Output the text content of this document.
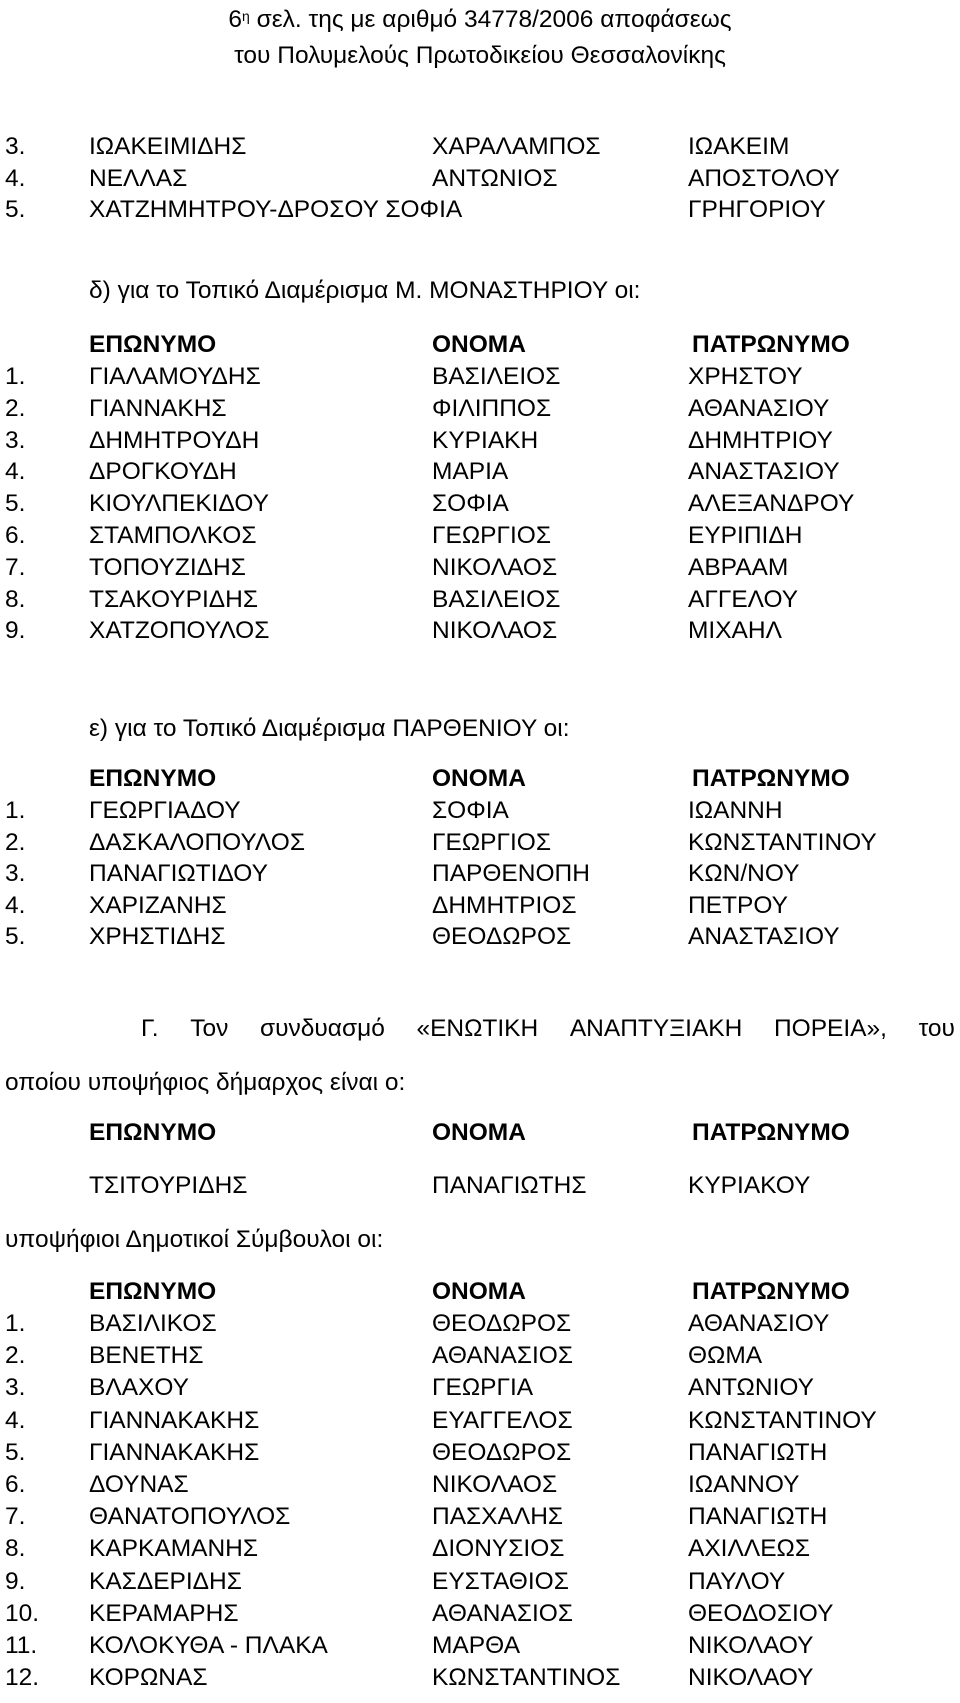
$6^\eta$ σελ. της με αριθμό 34778/2006 αποφάσεως
του Πολυμελούς Πρωτοδικείου Θεσσαλονίκης
3.	ΙΩΑΚΕΙΜΙΔΗΣ	ΧΑΡΑΛΑΜΠΟΣ	ΙΩΑΚΕΙΜ
4.	ΝΕΛΛΑΣ	ΑΝΤΩΝΙΟΣ	ΑΠΟΣΤΟΛΟΥ
5.	ΧΑΤΖΗΜΗΤΡΟΥ-ΔΡΟΣΟΥ ΣΟΦΙΑ	ΓΡΗΓΟΡΙΟΥ
δ) για το Τοπικό Διαμέρισμα Μ. ΜΟΝΑΣΤΗΡΙΟΥ οι:
ΕΠΩΝΥΜΟ	ΟΝΟΜΑ	ΠΑΤΡΩΝΥΜΟ
1.	ΓΙΑΛΑΜΟΥΔΗΣ	ΒΑΣΙΛΕΙΟΣ	ΧΡΗΣΤΟΥ
2.	ΓΙΑΝΝΑΚΗΣ	ΦΙΛΙΠΠΟΣ	ΑΘΑΝΑΣΙΟΥ
3.	ΔΗΜΗΤΡΟΥΔΗ	ΚΥΡΙΑΚΗ	ΔΗΜΗΤΡΙΟΥ
4.	ΔΡΟΓΚΟΥΔΗ	ΜΑΡΙΑ	ΑΝΑΣΤΑΣΙΟΥ
5.	ΚΙΟΥΛΠΕΚΙΔΟΥ	ΣΟΦΙΑ	ΑΛΕΞΑΝΔΡΟΥ
6.	ΣΤΑΜΠΟΛΚΟΣ	ΓΕΩΡΓΙΟΣ	ΕΥΡΙΠΙΔΗ
7.	ΤΟΠΟΥΖΙΔΗΣ	ΝΙΚΟΛΑΟΣ	ΑΒΡΑΑΜ
8.	ΤΣΑΚΟΥΡΙΔΗΣ	ΒΑΣΙΛΕΙΟΣ	ΑΓΓΕΛΟΥ
9.	ΧΑΤΖΟΠΟΥΛΟΣ	ΝΙΚΟΛΑΟΣ	ΜΙΧΑΗΛ
ε) για το Τοπικό Διαμέρισμα ΠΑΡΘΕΝΙΟΥ οι:
ΕΠΩΝΥΜΟ	ΟΝΟΜΑ	ΠΑΤΡΩΝΥΜΟ
1.	ΓΕΩΡΓΙΑΔΟΥ	ΣΟΦΙΑ	ΙΩΑΝΝΗ
2.	ΔΑΣΚΑΛΟΠΟΥΛΟΣ	ΓΕΩΡΓΙΟΣ	ΚΩΝΣΤΑΝΤΙΝΟΥ
3.	ΠΑΝΑΓΙΩΤΙΔΟΥ	ΠΑΡΘΕΝΟΠΗ	ΚΩΝ/ΝΟΥ
4.	ΧΑΡΙΖΑΝΗΣ	ΔΗΜΗΤΡΙΟΣ	ΠΕΤΡΟΥ
5.	ΧΡΗΣΤΙΔΗΣ	ΘΕΟΔΩΡΟΣ	ΑΝΑΣΤΑΣΙΟΥ
Γ. Τον συνδυασμό «ΕΝΩΤΙΚΗ ΑΝΑΠΤΥΞΙΑΚΗ ΠΟΡΕΙΑ», του
οποίου υποψήφιος δήμαρχος είναι ο:
ΕΠΩΝΥΜΟ	ΟΝΟΜΑ	ΠΑΤΡΩΝΥΜΟ
ΤΣΙΤΟΥΡΙΔΗΣ	ΠΑΝΑΓΙΩΤΗΣ	ΚΥΡΙΑΚΟΥ
υποψήφιοι Δημοτικοί Σύμβουλοι οι:
ΕΠΩΝΥΜΟ	ΟΝΟΜΑ	ΠΑΤΡΩΝΥΜΟ
1.	ΒΑΣΙΛΙΚΟΣ	ΘΕΟΔΩΡΟΣ	ΑΘΑΝΑΣΙΟΥ
2.	ΒΕΝΕΤΗΣ	ΑΘΑΝΑΣΙΟΣ	ΘΩΜΑ
3.	ΒΛΑΧΟΥ	ΓΕΩΡΓΙΑ	ΑΝΤΩΝΙΟΥ
4.	ΓΙΑΝΝΑΚΑΚΗΣ	ΕΥΑΓΓΕΛΟΣ	ΚΩΝΣΤΑΝΤΙΝΟΥ
5.	ΓΙΑΝΝΑΚΑΚΗΣ	ΘΕΟΔΩΡΟΣ	ΠΑΝΑΓΙΩΤΗ
6.	ΔΟΥΝΑΣ	ΝΙΚΟΛΑΟΣ	ΙΩΑΝΝΟΥ
7.	ΘΑΝΑΤΟΠΟΥΛΟΣ	ΠΑΣΧΑΛΗΣ	ΠΑΝΑΓΙΩΤΗ
8.	ΚΑΡΚΑΜΑΝΗΣ	ΔΙΟΝΥΣΙΟΣ	ΑΧΙΛΛΕΩΣ
9.	ΚΑΣΔΕΡΙΔΗΣ	ΕΥΣΤΑΘΙΟΣ	ΠΑΥΛΟΥ
10. ΚΕΡΑΜΑΡΗΣ	ΑΘΑΝΑΣΙΟΣ	ΘΕΟΔΟΣΙΟΥ
11. ΚΟΛΟΚΥΘΑ - ΠΛΑΚΑ	ΜΑΡΘΑ	ΝΙΚΟΛΑΟΥ
12. ΚΟΡΩΝΑΣ	ΚΩΝΣΤΑΝΤΙΝΟΣ	ΝΙΚΟΛΑΟΥ
